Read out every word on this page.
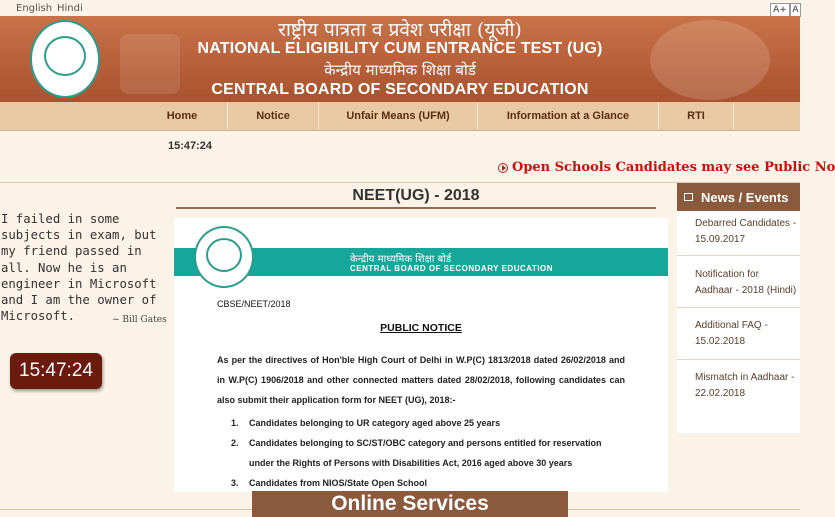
English Hindi	A+ A
राष्ट्रीय पात्रता व प्रवेश परीक्षा (यूजी)
NATIONAL ELIGIBILITY CUM ENTRANCE TEST (UG)
केन्द्रीय माध्यमिक शिक्षा बोर्ड
CENTRAL BOARD OF SECONDARY EDUCATION
Home	Notice	Unfair Means (UFM)	Information at a Glance	RTI
15:47:24
Open Schools Candidates may see Public No
I failed in some subjects in exam, but my friend passed in all. Now he is an engineer in Microsoft and I am the owner of Microsoft.	~ Bill Gates
15:47:24
NEET(UG) - 2018
केन्द्रीय माध्यमिक शिक्षा बोर्ड
CENTRAL BOARD OF SECONDARY EDUCATION
CBSE/NEET/2018
PUBLIC NOTICE
As per the directives of Hon'ble High Court of Delhi in W.P(C) 1813/2018 dated 26/02/2018 and in W.P(C) 1906/2018 and other connected matters dated 28/02/2018, following candidates can also submit their application form for NEET (UG), 2018:-
1. Candidates belonging to UR category aged above 25 years
2. Candidates belonging to SC/ST/OBC category and persons entitled for reservation
under the Rights of Persons with Disabilities Act, 2016 aged above 30 years
3. Candidates from NIOS/State Open School
News / Events
Debarred Candidates -
15.09.2017
Notification for
Aadhaar - 2018 (Hindi)
Additional FAQ -
15.02.2018
Mismatch in Aadhaar -
22.02.2018
Online Services
